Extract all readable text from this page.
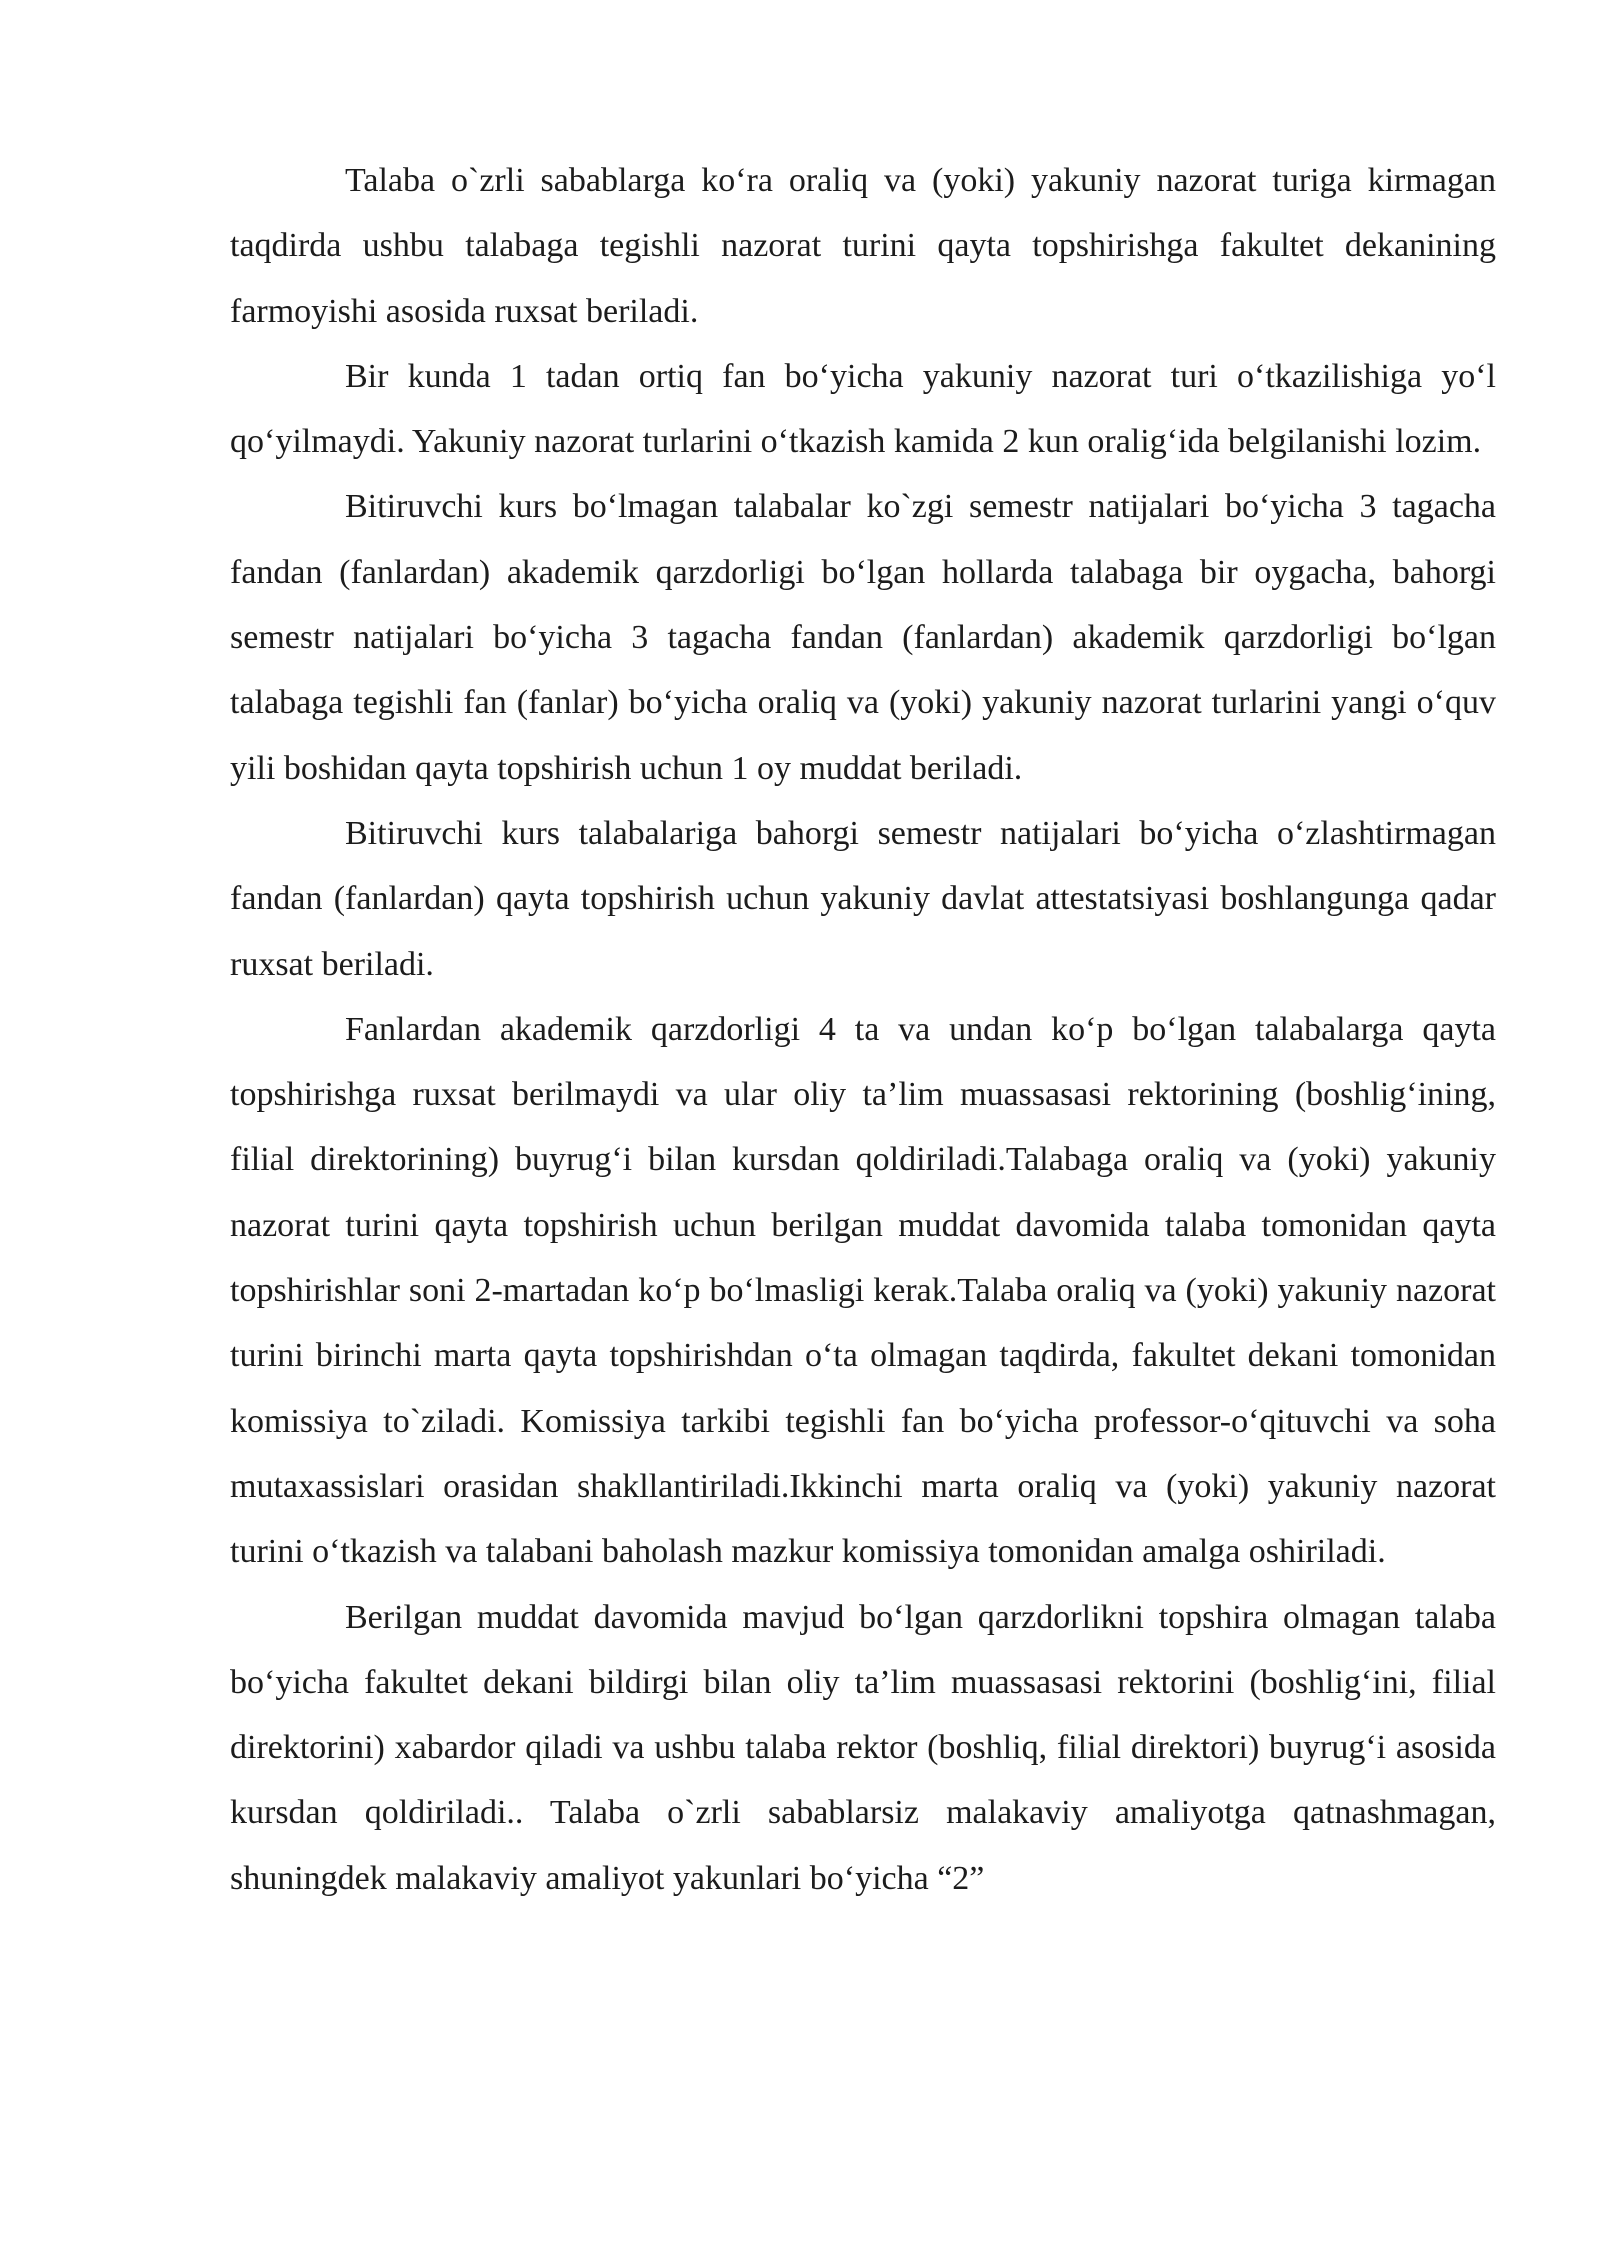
Talaba o`zrli sabablarga koʻra oraliq va (yoki) yakuniy nazorat turiga kirmagan taqdirda ushbu talabaga tegishli nazorat turini qayta topshirishga fakultet dekanining farmoyishi asosida ruxsat beriladi.

Bir kunda 1 tadan ortiq fan boʻyicha yakuniy nazorat turi oʻtkazilishiga yoʻl qoʻyilmaydi. Yakuniy nazorat turlarini oʻtkazish kamida 2 kun oraligʻida belgilanishi lozim.

Bitiruvchi kurs boʻlmagan talabalar ko`zgi semestr natijalari boʻyicha 3 tagacha fandan (fanlardan) akademik qarzdorligi boʻlgan hollarda talabaga bir oygacha, bahorgi semestr natijalari boʻyicha 3 tagacha fandan (fanlardan) akademik qarzdorligi boʻlgan talabaga tegishli fan (fanlar) boʻyicha oraliq va (yoki) yakuniy nazorat turlarini yangi oʻquv yili boshidan qayta topshirish uchun 1 oy muddat beriladi.

Bitiruvchi kurs talabalariga bahorgi semestr natijalari boʻyicha oʻzlashtirmagan fandan (fanlardan) qayta topshirish uchun yakuniy davlat attestatsiyasi boshlangunga qadar ruxsat beriladi.

Fanlardan akademik qarzdorligi 4 ta va undan koʻp boʻlgan talabalarga qayta topshirishga ruxsat berilmaydi va ular oliy ta’lim muassasasi rektorining (boshligʻining, filial direktorining) buyrugʻi bilan kursdan qoldiriladi.Talabaga oraliq va (yoki) yakuniy nazorat turini qayta topshirish uchun berilgan muddat davomida talaba tomonidan qayta topshirishlar soni 2-martadan koʻp boʻlmasligi kerak.Talaba oraliq va (yoki) yakuniy nazorat turini birinchi marta qayta topshirishdan oʻta olmagan taqdirda, fakultet dekani tomonidan komissiya to`ziladi. Komissiya tarkibi tegishli fan boʻyicha professor-oʻqituvchi va soha mutaxassislari orasidan shakllantiriladi.Ikkinchi marta oraliq va (yoki) yakuniy nazorat turini oʻtkazish va talabani baholash mazkur komissiya tomonidan amalga oshiriladi.

Berilgan muddat davomida mavjud boʻlgan qarzdorlikni topshira olmagan talaba boʻyicha fakultet dekani bildirgi bilan oliy ta’lim muassasasi rektorini (boshligʻini, filial direktorini) xabardor qiladi va ushbu talaba rektor (boshliq, filial direktori) buyrugʻi asosida kursdan qoldiriladi.. Talaba o`zrli sabablarsiz malakaviy amaliyotga qatnashmagan, shuningdek malakaviy amaliyot yakunlari boʻyicha “2”
